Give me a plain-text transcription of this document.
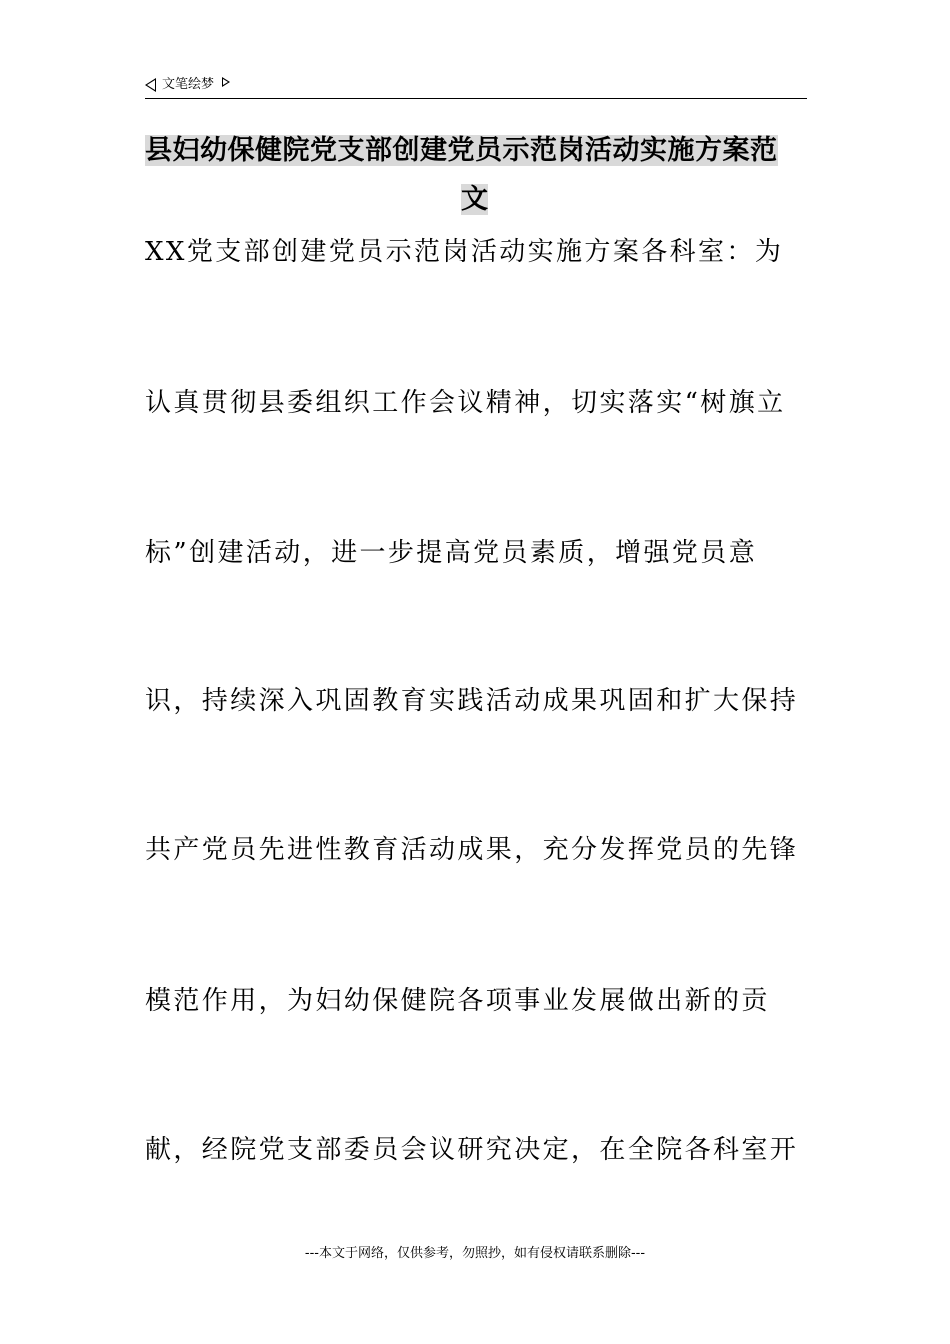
文笔绘梦
县妇幼保健院党支部创建党员示范岗活动实施方案范
文
XX党支部创建党员示范岗活动实施方案各科室：为
认真贯彻县委组织工作会议精神，切实落实“树旗立
标”创建活动，进一步提高党员素质，增强党员意
识，持续深入巩固教育实践活动成果巩固和扩大保持
共产党员先进性教育活动成果，充分发挥党员的先锋
模范作用，为妇幼保健院各项事业发展做出新的贡
献，经院党支部委员会议研究决定，在全院各科室开
---本文于网络，仅供参考，勿照抄，如有侵权请联系删除---
